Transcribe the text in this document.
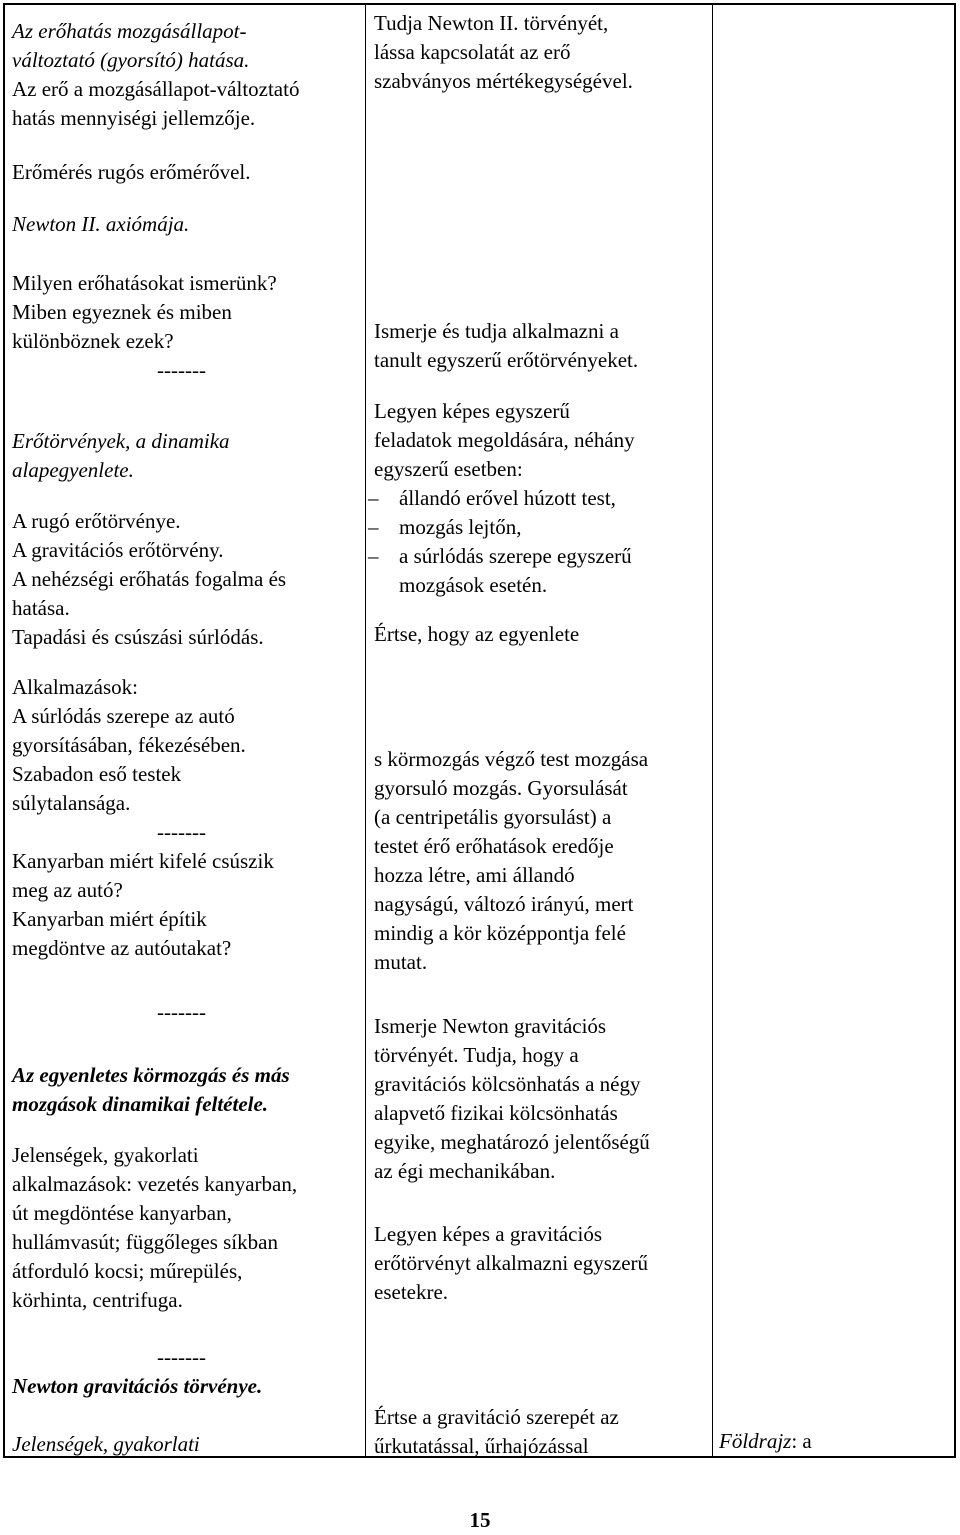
Az erőhatás mozgásállapot-

változtató (gyorsító) hatása.

Az erő a mozgásállapot-változtató

hatás mennyiségi jellemzője.

Erőmérés rugós erőmérővel.

Newton II. axiómája.

Milyen erőhatásokat ismerünk?

Miben egyeznek és miben

különböznek ezek?

-------

Erőtörvények, a dinamika

alapegyenlete.

A rugó erőtörvénye.

A gravitációs erőtörvény.

A nehézségi erőhatás fogalma és

hatása.

Tapadási és csúszási súrlódás.

Alkalmazások:

A súrlódás szerepe az autó

gyorsításában, fékezésében.

Szabadon eső testek

súlytalansága.

-------

Kanyarban miért kifelé csúszik

meg az autó?

Kanyarban miért építik

megdöntve az autóutakat?

-------

Az egyenletes körmozgás és más

mozgások dinamikai feltétele.

Jelenségek, gyakorlati

alkalmazások: vezetés kanyarban,

út megdöntése kanyarban,

hullámvasút; függőleges síkban

átforduló kocsi; műrepülés,

körhinta, centrifuga.

-------

Newton gravitációs törvénye.

Jelenségek, gyakorlati

Tudja Newton II. törvényét,

lássa kapcsolatát az erő

szabványos mértékegységével.

Ismerje és tudja alkalmazni a

tanult egyszerű erőtörvényeket.

Legyen képes egyszerű

feladatok megoldására, néhány

egyszerű esetben:

– állandó erővel húzott test,
– mozgás lejtőn,
– a súrlódás szerepe egyszerű
mozgások esetén.

Értse, hogy az egyenlete

s körmozgás végző test mozgása

gyorsuló mozgás. Gyorsulását

(a centripetális gyorsulást) a

testet érő erőhatások eredője

hozza létre, ami állandó

nagyságú, változó irányú, mert

mindig a kör középpontja felé

mutat.

Ismerje Newton gravitációs

törvényét. Tudja, hogy a

gravitációs kölcsönhatás a négy

alapvető fizikai kölcsönhatás

egyike, meghatározó jelentőségű

az égi mechanikában.

Legyen képes a gravitációs

erőtörvényt alkalmazni egyszerű

esetekre.

Értse a gravitáció szerepét az

űrkutatással, űrhajózással	Földrajz: a

15
